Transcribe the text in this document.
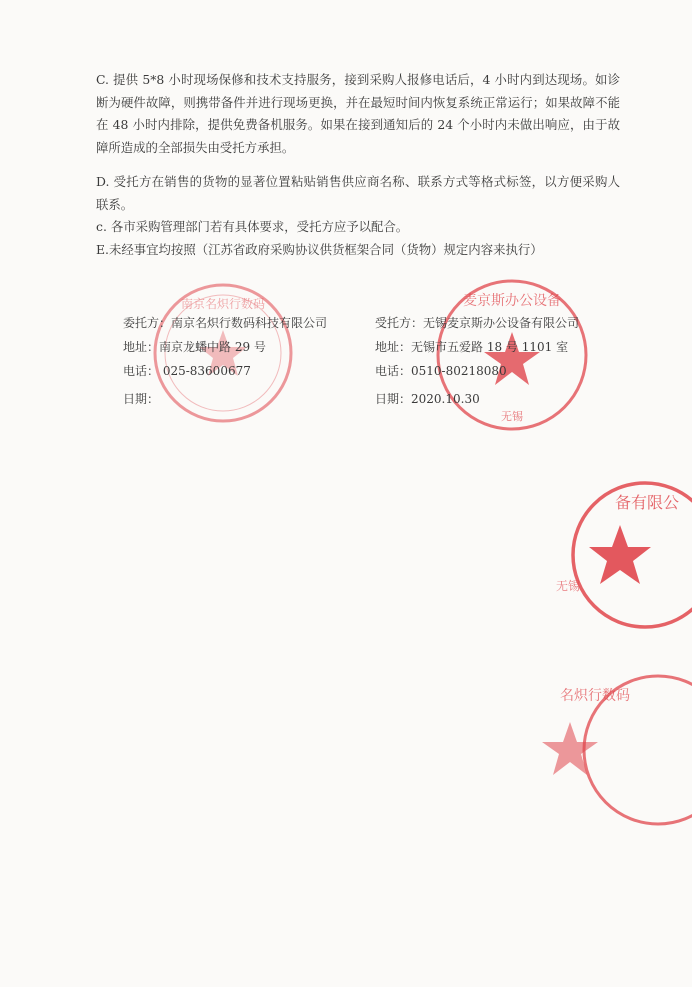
南京名炽行数码	麦京斯办公设备
无锡
备有限公
无锡
名炽行数码

C. 提供 5*8 小时现场保修和技术支持服务，接到采购人报修电话后，4 小时内到达现场。如诊断为硬件故障，则携带备件并进行现场更换，并在最短时间内恢复系统正常运行；如果故障不能在 48 小时内排除，提供免费备机服务。如果在接到通知后的 24 个小时内未做出响应，由于故障所造成的全部损失由受托方承担。

D. 受托方在销售的货物的显著位置粘贴销售供应商名称、联系方式等格式标签，以方便采购人联系。

c. 各市采购管理部门若有具体要求，受托方应予以配合。

E.未经事宜均按照（江苏省政府采购协议供货框架合同（货物）规定内容来执行）

委托方：南京名炽行数码科技有限公司
地址：南京龙蟠中路 29 号
电话： 025-83600677
日期：
受托方：无锡麦京斯办公设备有限公司
地址：无锡市五爱路 18 号 1101 室
电话：0510-80218080
日期：2020.10.30
